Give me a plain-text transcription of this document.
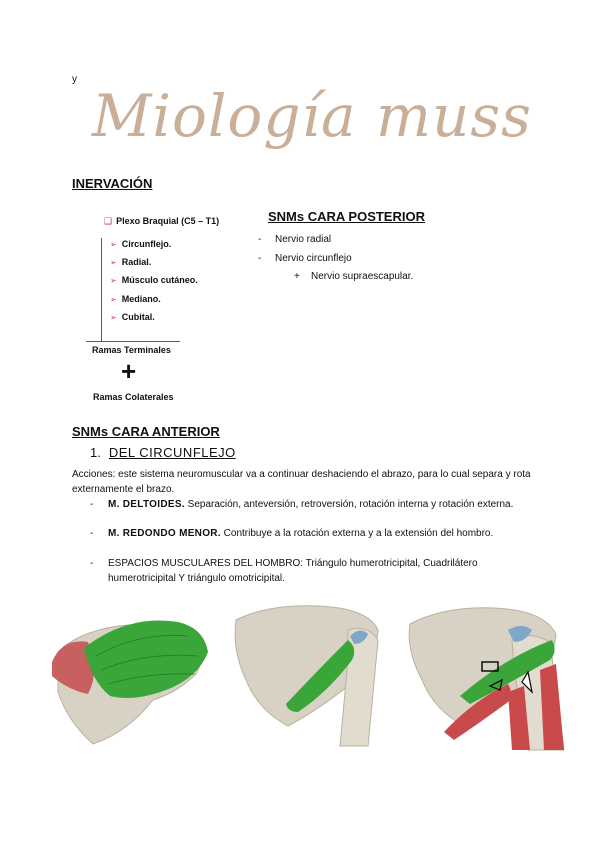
y
Miología muss
INERVACIÓN
❑ Plexo Braquial (C5 – T1)
➢ Circunflejo.
➢ Radial.
➢ Músculo cutáneo.
➢ Mediano.
➢ Cubital.
Ramas Terminales
+
Ramas Colaterales
SNMs CARA POSTERIOR
- Nervio radial
- Nervio circunflejo
+ Nervio supraescapular.
SNMs CARA ANTERIOR
1. DEL CIRCUNFLEJO
Acciones: este sistema neuromuscular va a continuar deshaciendo el abrazo, para lo cual separa y rota externamente el brazo.
- M. DELTOIDES. Separación, anteversión, retroversión, rotación interna y rotación externa.
- M. REDONDO MENOR. Contribuye a la rotación externa y a la extensión del hombro.
- ESPACIOS MUSCULARES DEL HOMBRO: Triángulo humerotricipital, Cuadrilátero humerotricipital Y triángulo omotricipital.
